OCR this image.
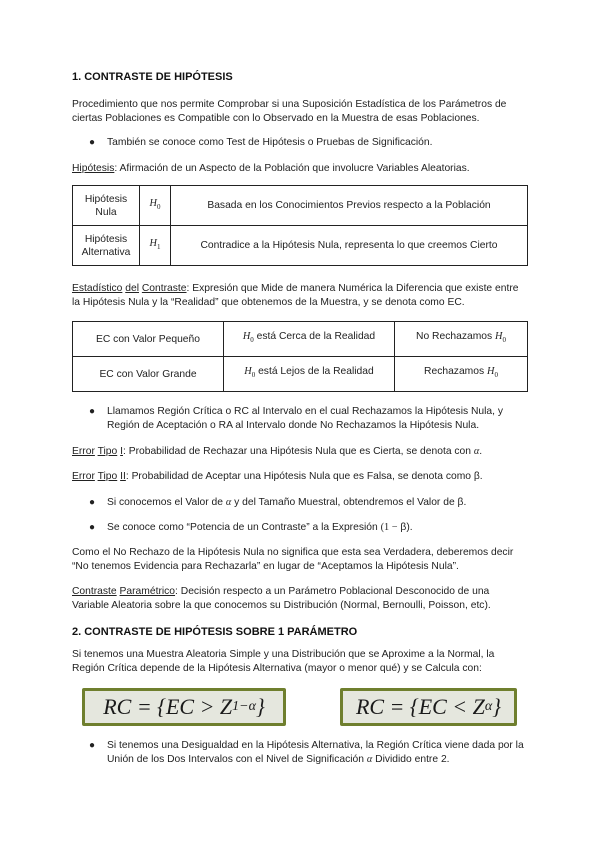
1. CONTRASTE DE HIPÓTESIS

Procedimiento que nos permite Comprobar si una Suposición Estadística de los Parámetros de ciertas Poblaciones es Compatible con lo Observado en la Muestra de esas Poblaciones.

● También se conoce como Test de Hipótesis o Pruebas de Significación.

Hipótesis: Afirmación de un Aspecto de la Población que involucre Variables Aleatorias.

Hipótesis Nula	$H_0$	Basada en los Conocimientos Previos respecto a la Población
Hipótesis Alternativa	$H_1$	Contradice a la Hipótesis Nula, representa lo que creemos Cierto

Estadístico del Contraste: Expresión que Mide de manera Numérica la Diferencia que existe entre la Hipótesis Nula y la “Realidad” que obtenemos de la Muestra, y se denota como EC.

EC con Valor Pequeño	$H_0$ está Cerca de la Realidad	No Rechazamos $H_0$
EC con Valor Grande	$H_0$ está Lejos de la Realidad	Rechazamos $H_0$
● Llamamos Región Crítica o RC al Intervalo en el cual Rechazamos la Hipótesis Nula, y Región de Aceptación o RA al Intervalo donde No Rechazamos la Hipótesis Nula.

Error Tipo I: Probabilidad de Rechazar una Hipótesis Nula que es Cierta, se denota con α.

Error Tipo II: Probabilidad de Aceptar una Hipótesis Nula que es Falsa, se denota como β.

● Si conocemos el Valor de α y del Tamaño Muestral, obtendremos el Valor de β.
● Se conoce como “Potencia de un Contraste” a la Expresión (1 − β).

Como el No Rechazo de la Hipótesis Nula no significa que esta sea Verdadera, deberemos decir “No tenemos Evidencia para Rechazarla” en lugar de “Aceptamos la Hipótesis Nula”.

Contraste Paramétrico: Decisión respecto a un Parámetro Poblacional Desconocido de una Variable Aleatoria sobre la que conocemos su Distribución (Normal, Bernoulli, Poisson, etc).

2. CONTRASTE DE HIPÓTESIS SOBRE 1 PARÁMETRO

Si tenemos una Muestra Aleatoria Simple y una Distribución que se Aproxime a la Normal, la Región Crítica depende de la Hipótesis Alternativa (mayor o menor qué) y se Calcula con:

RC = {EC > Z 1−α }	RC = {EC < Z α }
● Si tenemos una Desigualdad en la Hipótesis Alternativa, la Región Crítica viene dada por la Unión de los Dos Intervalos con el Nivel de Significación α Dividido entre 2.
